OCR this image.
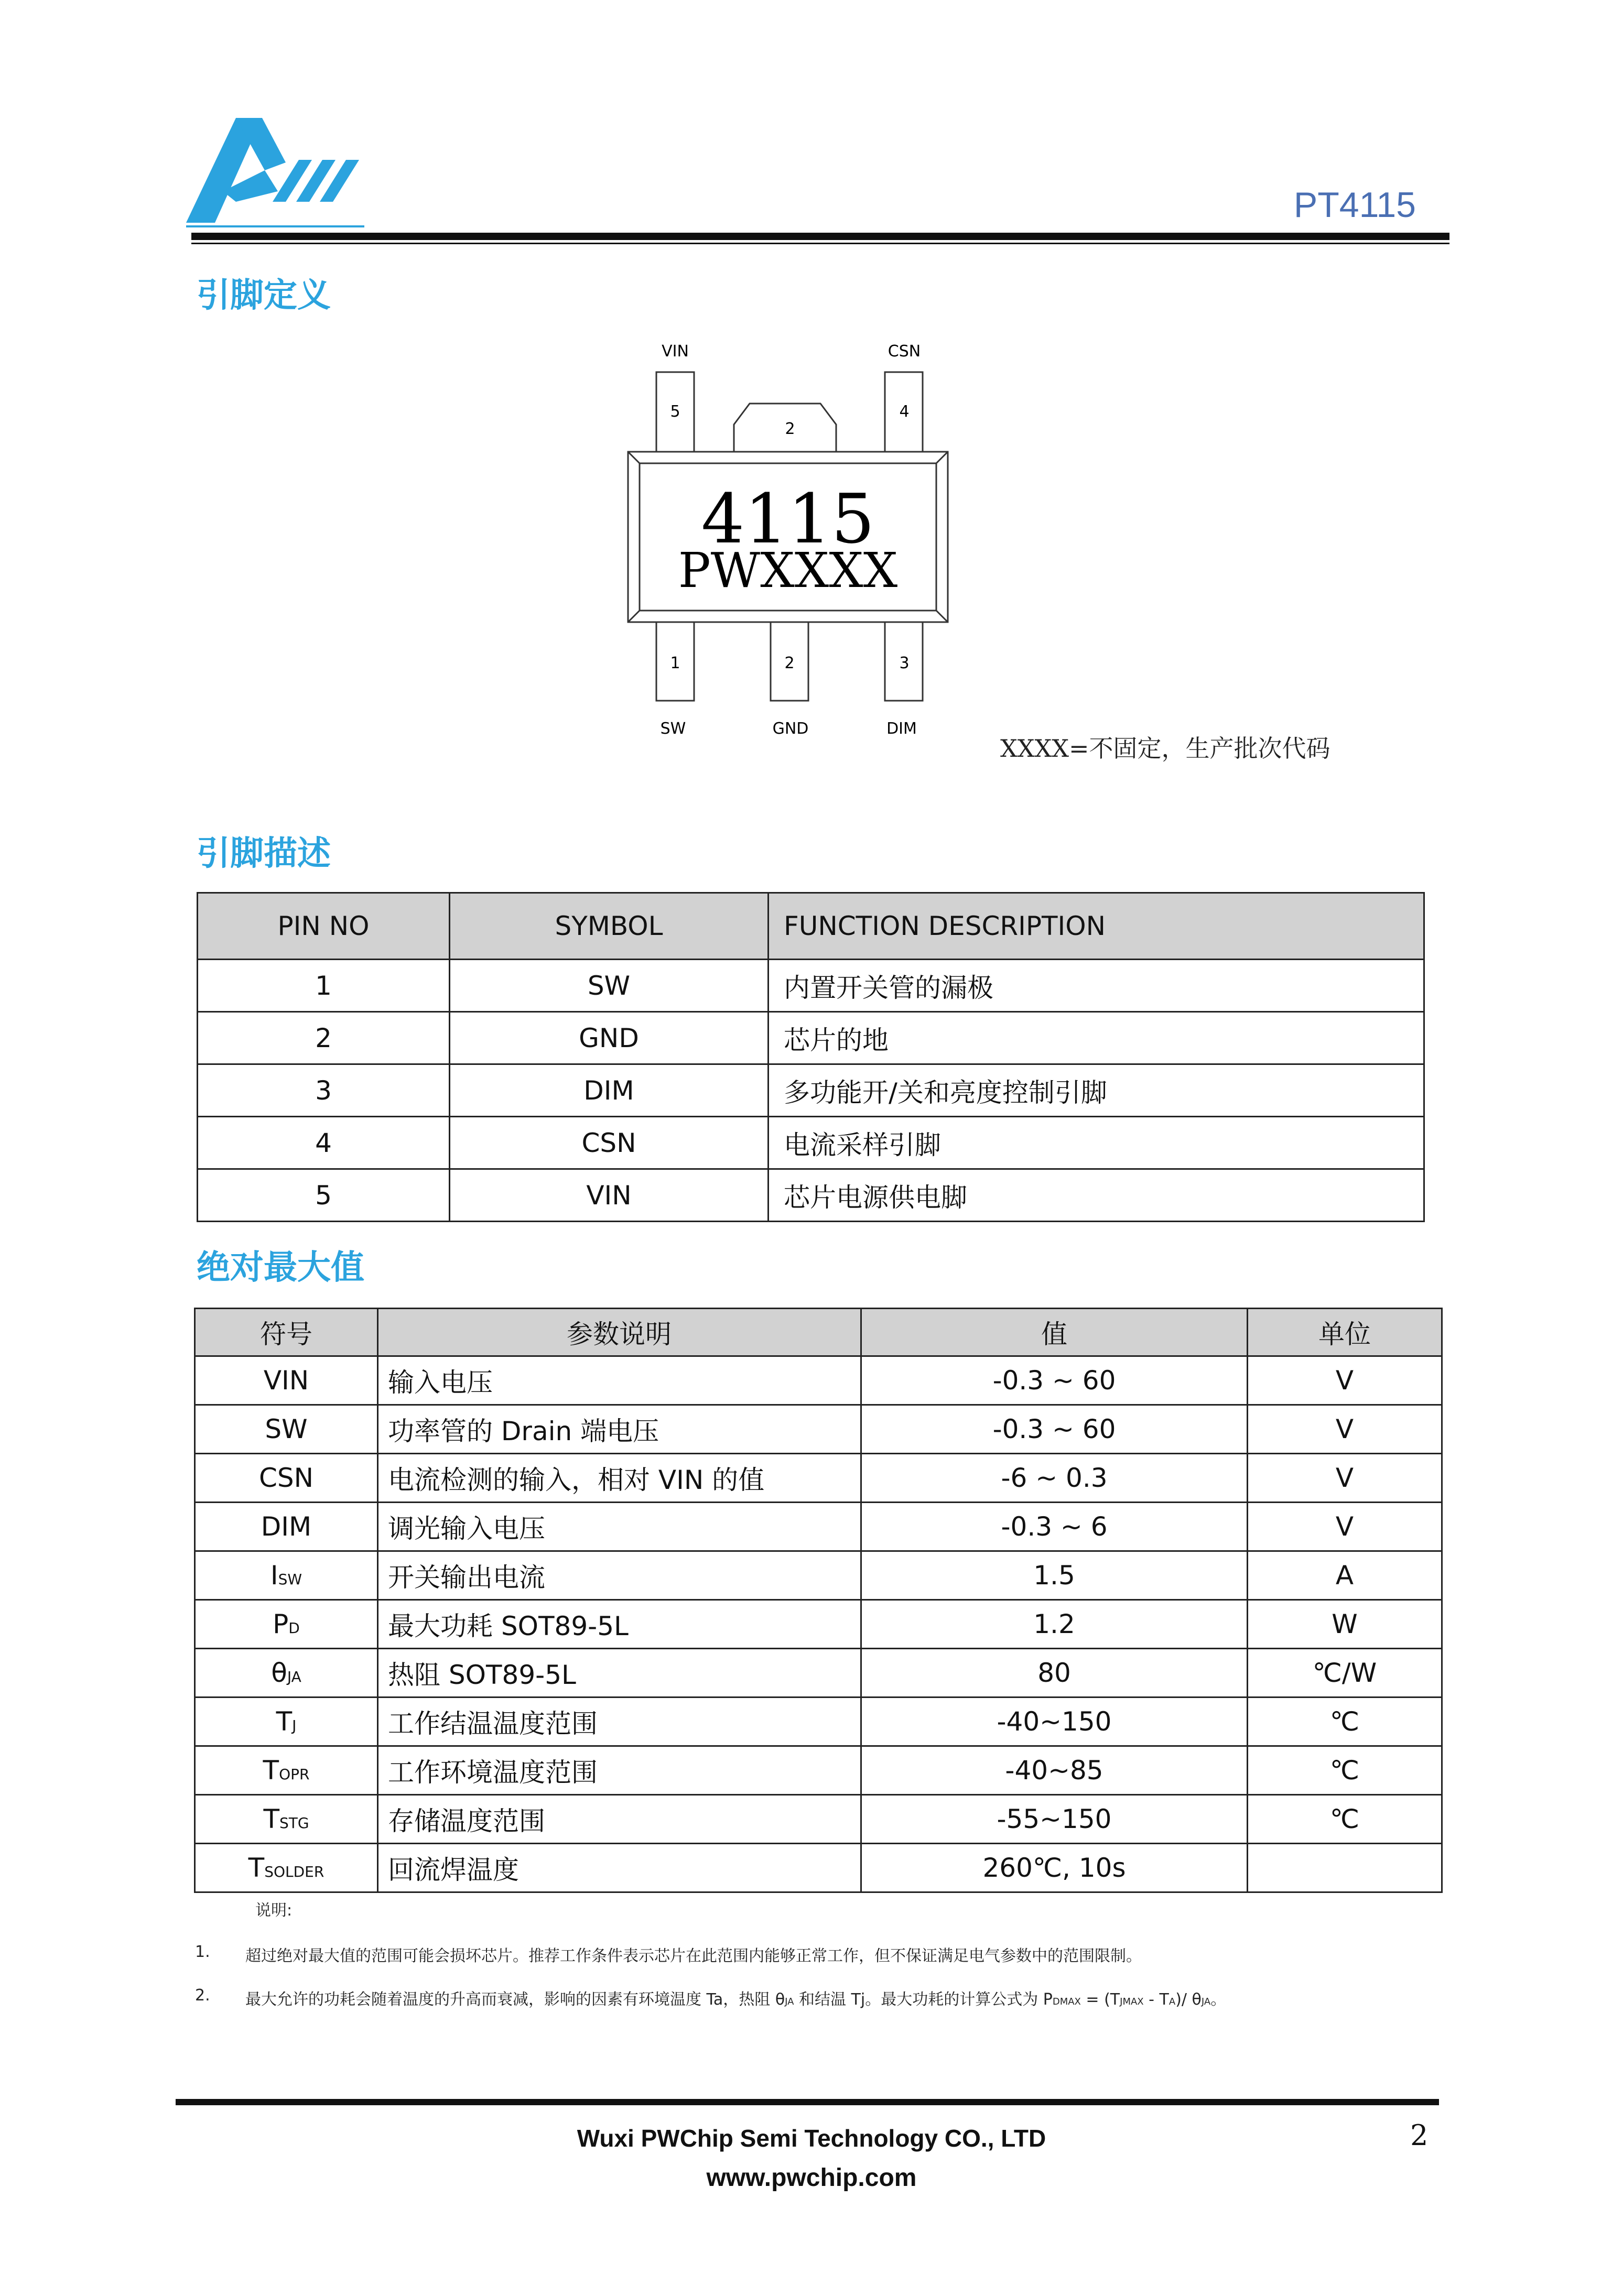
PT4115
引脚定义
VIN	CSN
5
2
4
4115
PWXXXX
1	2	3
SW	GND	DIM
XXXX=不固定，生产批次代码
引脚描述
PIN NO	SYMBOL	FUNCTION DESCRIPTION
1	SW	内置开关管的漏极
2	GND	芯片的地
3	DIM	多功能开/关和亮度控制引脚
4	CSN	电流采样引脚
5	VIN	芯片电源供电脚
绝对最大值
符号	参数说明	值	单位
VIN	输入电压	-0.3 ~ 60	V
SW	功率管的 Drain 端电压	-0.3 ~ 60	V
CSN	电流检测的输入，相对 VIN 的值	-6 ~ 0.3	V
DIM	调光输入电压	-0.3 ~ 6	V
ISW	开关输出电流	1.5	A
PD	最大功耗 SOT89-5L	1.2	W
θJA	热阻 SOT89-5L	80	℃/W
TJ	工作结温温度范围	-40~150	℃
TOPR	工作环境温度范围	-40~85	℃
TSTG	存储温度范围	-55~150	℃
TSOLDER	回流焊温度	260℃, 10s	
说明:
1. 超过绝对最大值的范围可能会损坏芯片。推荐工作条件表示芯片在此范围内能够正常工作，但不保证满足电气参数中的范围限制。
2. 最大允许的功耗会随着温度的升高而衰减，影响的因素有环境温度 Ta，热阻 θJA 和结温 Tj。最大功耗的计算公式为 PDMAX = (TJMAX - TA)/ θJA。
Wuxi PWChip Semi Technology CO., LTD
www.pwchip.com
2
